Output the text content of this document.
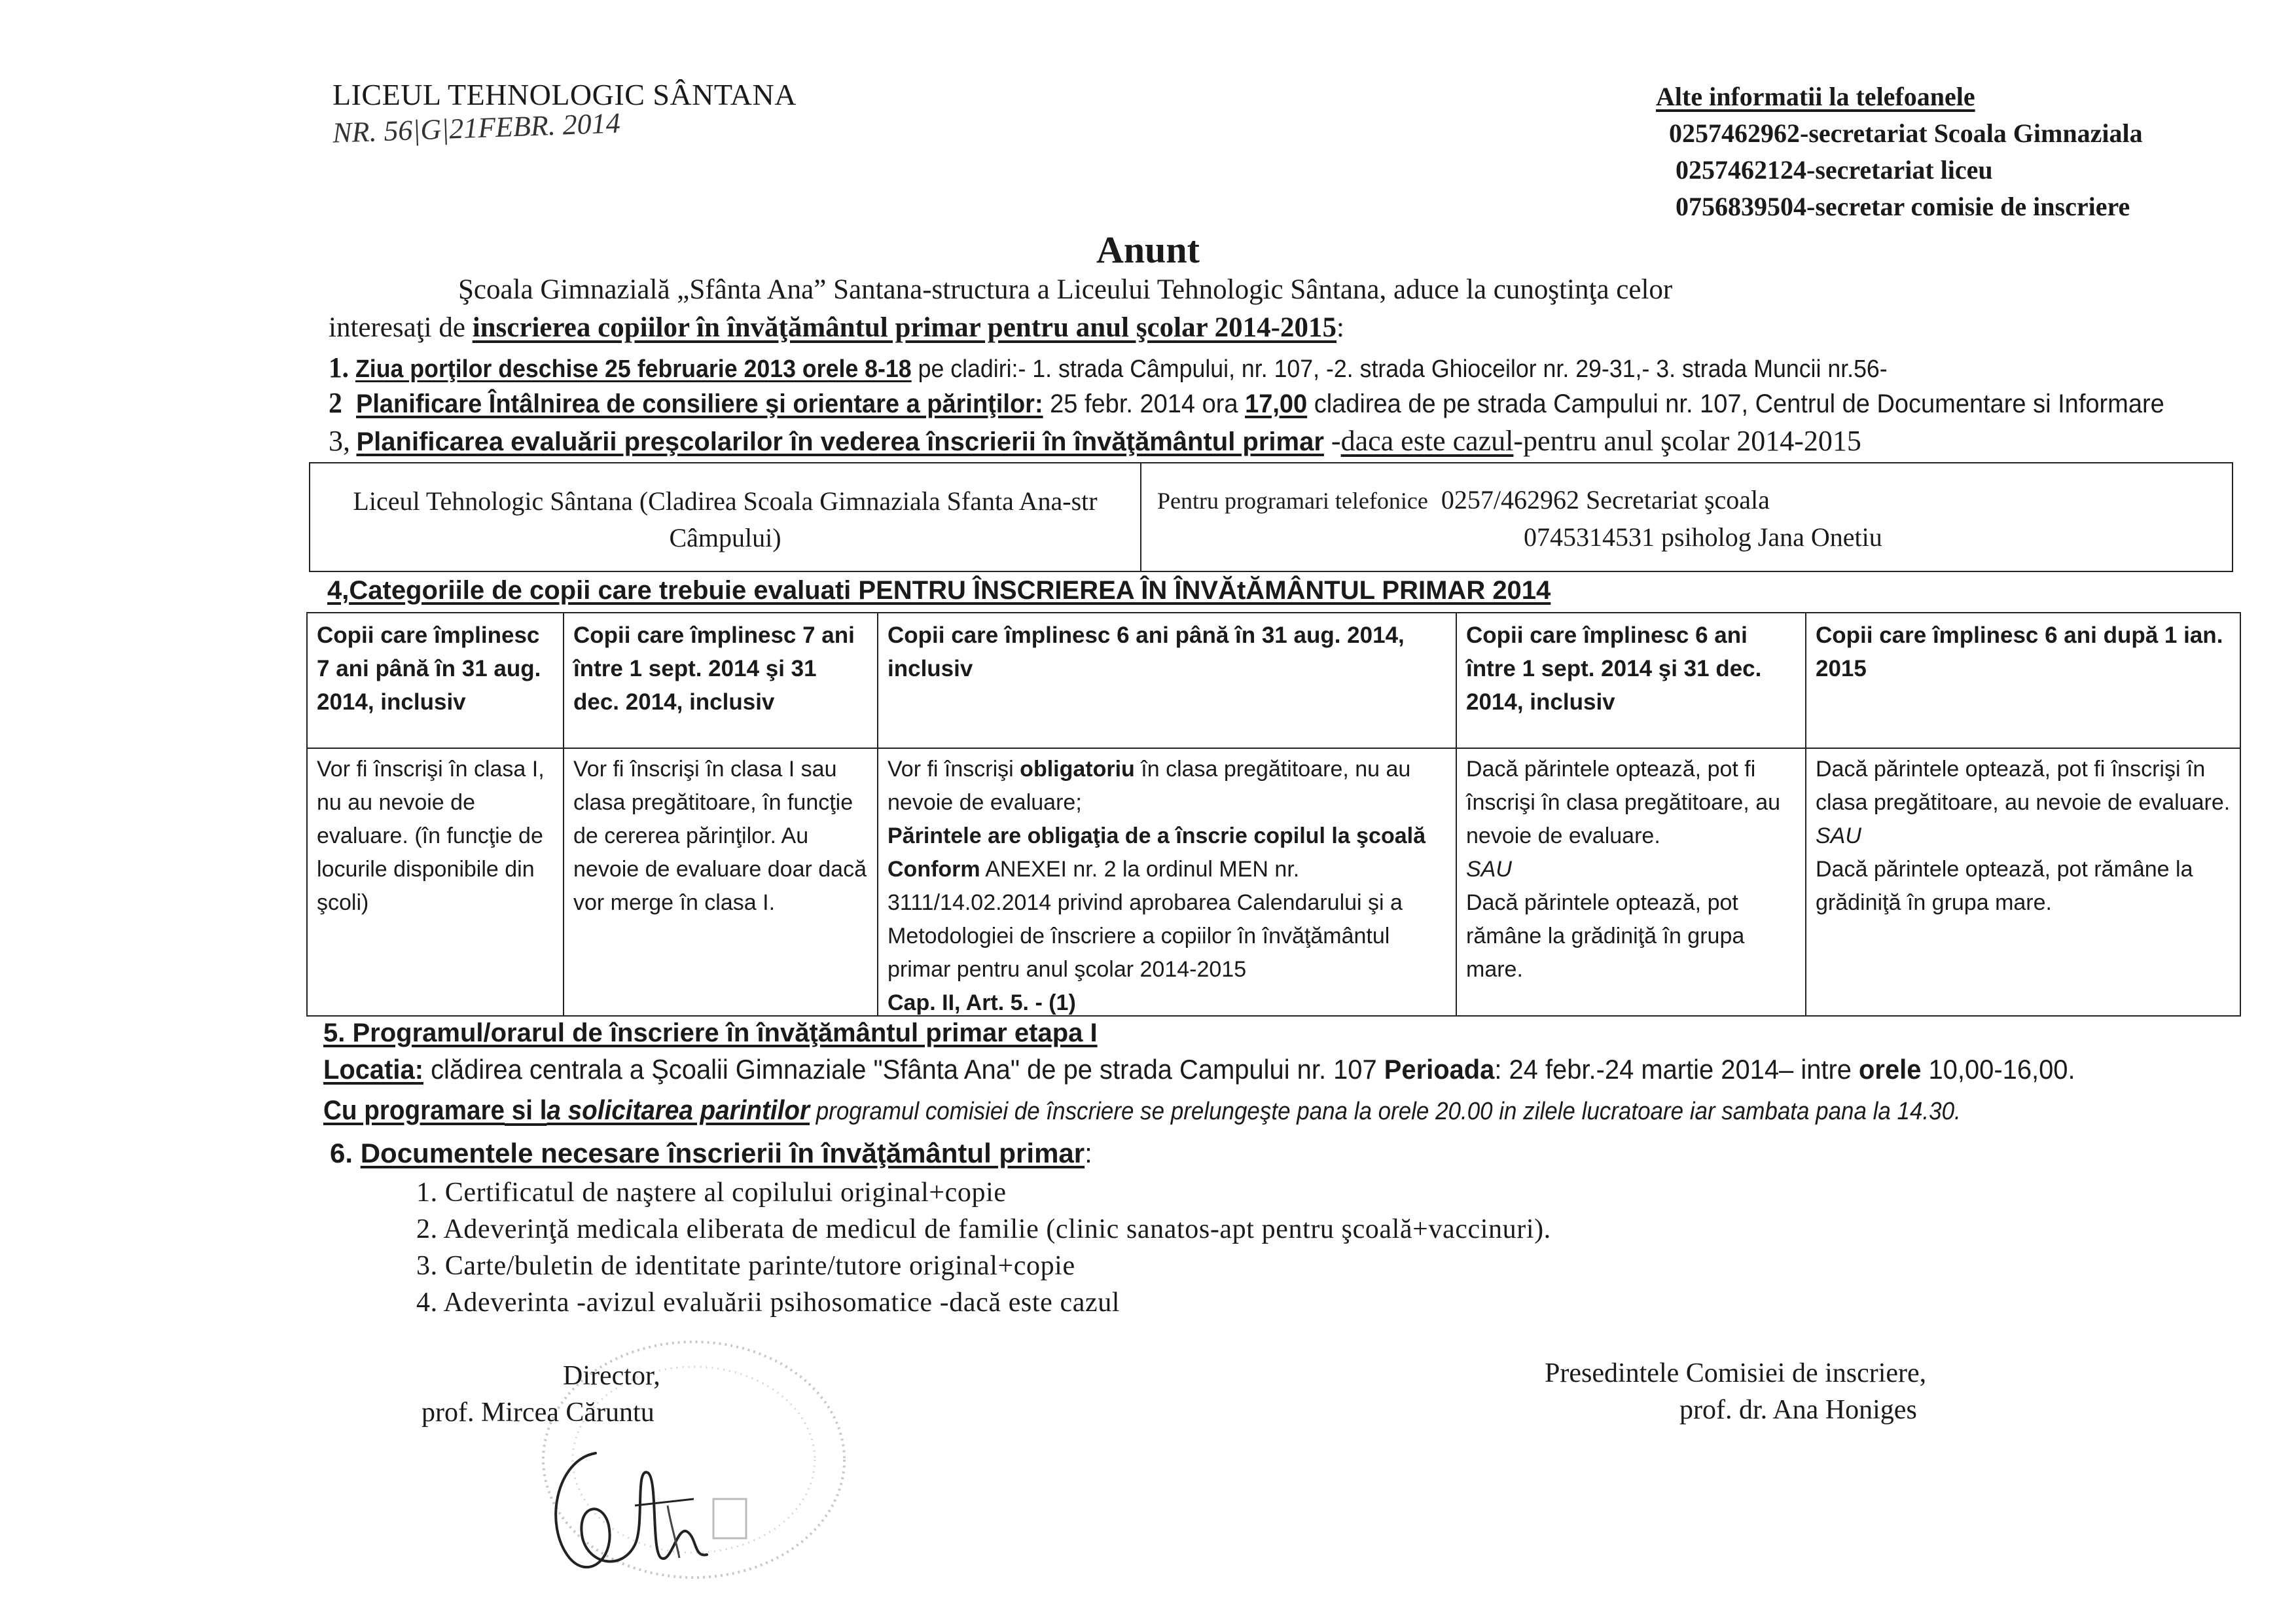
LICEUL TEHNOLOGIC SÂNTANA
NR. 56|G|21FEBR. 2014
Alte informatii la telefoanele
0257462962-secretariat Scoala Gimnaziala
0257462124-secretariat liceu
0756839504-secretar comisie de inscriere
Anunt
Şcoala Gimnazială „Sfânta Ana” Santana-structura a Liceului Tehnologic Sântana, aduce la cunoştinţa celor
interesaţi de inscrierea copiilor în învăţământul primar pentru anul şcolar 2014-2015:
1. Ziua porţilor deschise 25 februarie 2013 orele 8-18 pe cladiri:- 1. strada Câmpului, nr. 107, -2. strada Ghioceilor nr. 29-31,- 3. strada Muncii nr.56-
2 Planificare Întâlnirea de consiliere şi orientare a părinţilor: 25 febr. 2014 ora 17,00 cladirea de pe strada Campului nr. 107, Centrul de Documentare si Informare
3, Planificarea evaluării preşcolarilor în vederea înscrierii în învăţământul primar -daca este cazul-pentru anul şcolar 2014-2015
Liceul Tehnologic Sântana (Cladirea Scoala Gimnaziala Sfanta Ana-str Câmpului)
Pentru programari telefonice 0257/462962 Secretariat şcoala
0745314531 psiholog Jana Onetiu
4,Categoriile de copii care trebuie evaluati PENTRU ÎNSCRIEREA ÎN ÎNVĂtĂMÂNTUL PRIMAR 2014
Copii care împlinesc 7 ani până în 31 aug. 2014, inclusiv
Copii care împlinesc 7 ani între 1 sept. 2014 şi 31 dec. 2014, inclusiv
Copii care împlinesc 6 ani până în 31 aug. 2014, inclusiv
Copii care împlinesc 6 ani între 1 sept. 2014 şi 31 dec. 2014, inclusiv
Copii care împlinesc 6 ani după 1 ian. 2015
Vor fi înscrişi în clasa I, nu au nevoie de evaluare. (în funcţie de locurile disponibile din şcoli)
Vor fi înscrişi în clasa I sau clasa pregătitoare, în funcţie de cererea părinţilor. Au nevoie de evaluare doar dacă vor merge în clasa I.
Vor fi înscrişi obligatoriu în clasa pregătitoare, nu au nevoie de evaluare;
Părintele are obligaţia de a înscrie copilul la şcoală Conform ANEXEI nr. 2 la ordinul MEN nr. 3111/14.02.2014 privind aprobarea Calendarului şi a Metodologiei de înscriere a copiilor în învăţământul primar pentru anul şcolar 2014-2015
Cap. II, Art. 5. - (1)
Dacă părintele optează, pot fi înscrişi în clasa pregătitoare, au nevoie de evaluare.
SAU
Dacă părintele optează, pot rămâne la grădiniţă în grupa mare.
Dacă părintele optează, pot fi înscrişi în clasa pregătitoare, au nevoie de evaluare.
SAU
Dacă părintele optează, pot rămâne la grădiniţă în grupa mare.
5. Programul/orarul de înscriere în învăţământul primar etapa I
Locatia: clădirea centrala a Şcoalii Gimnaziale "Sfânta Ana" de pe strada Campului nr. 107 Perioada: 24 febr.-24 martie 2014– intre orele 10,00-16,00.
Cu programare si la solicitarea parintilor programul comisiei de înscriere se prelungeşte pana la orele 20.00 in zilele lucratoare iar sambata pana la 14.30.
6. Documentele necesare înscrierii în învăţământul primar:
1. Certificatul de naştere al copilului original+copie
2. Adeverinţă medicala eliberata de medicul de familie (clinic sanatos-apt pentru şcoală+vaccinuri).
3. Carte/buletin de identitate parinte/tutore original+copie
4. Adeverinta -avizul evaluării psihosomatice -dacă este cazul
Director,
prof. Mircea Căruntu
Presedintele Comisiei de inscriere,
prof. dr. Ana Honiges
